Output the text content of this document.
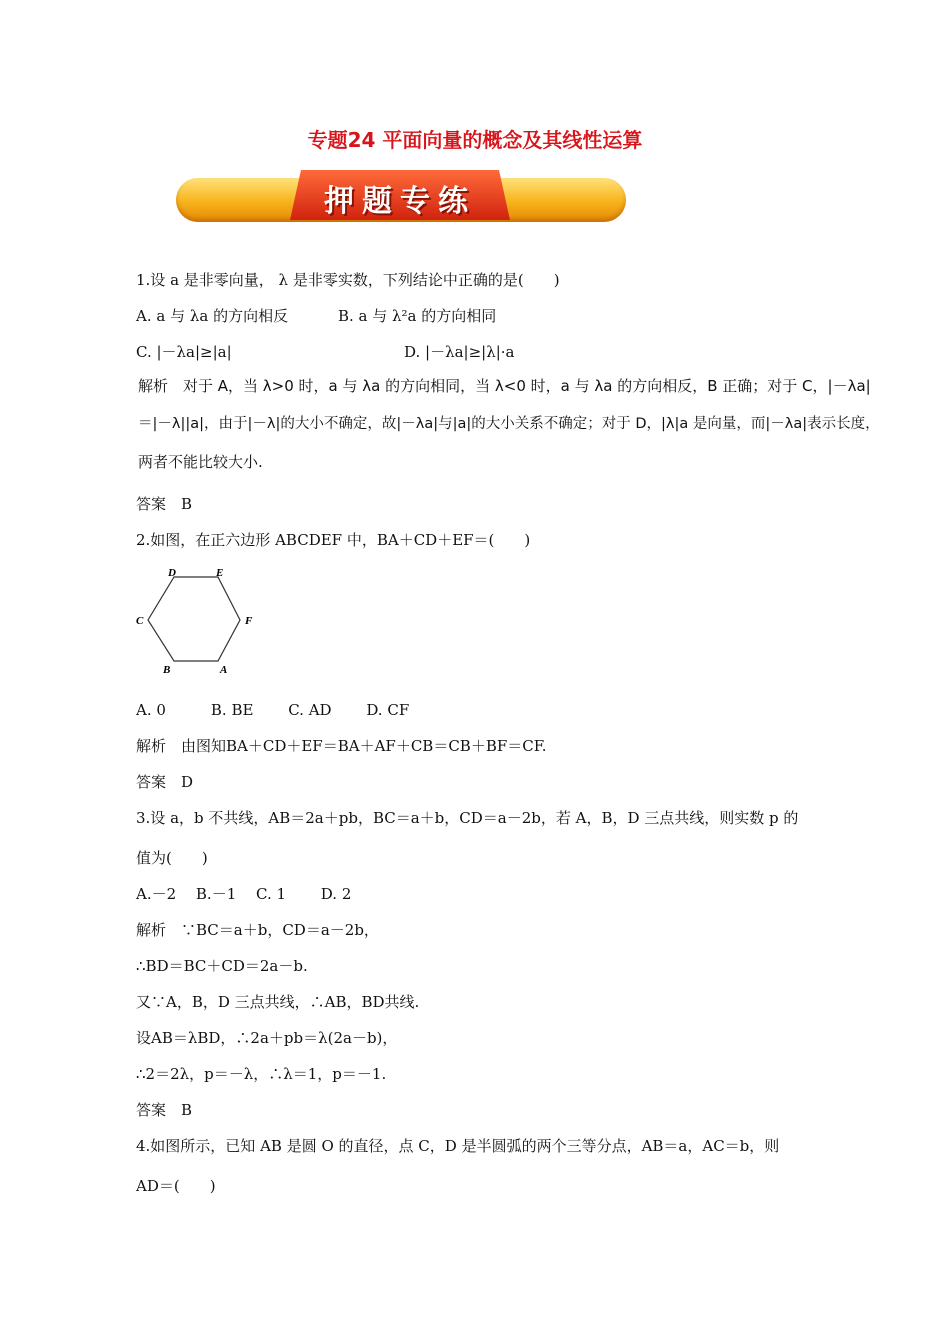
专题24 平面向量的概念及其线性运算
押题专练
1.设 a 是非零向量， λ 是非零实数，下列结论中正确的是(　　)
A. a 与 λa 的方向相反	B. a 与 λ²a 的方向相同
C. |－λa|≥|a|	D. |－λa|≥|λ|·a
解析　对于 A，当 λ>0 时，a 与 λa 的方向相同，当 λ<0 时，a 与 λa 的方向相反，B 正确；对于 C，|－λa|
＝|－λ||a|，由于|－λ|的大小不确定，故|－λa|与|a|的大小关系不确定；对于 D，|λ|a 是向量，而|－λa|表示长度，
两者不能比较大小.
答案　B
2.如图，在正六边形 ABCDEF 中，BA＋CD＋EF＝(　　)
D	E
C	F
B	A
A. 0　　　B. BE　　 C. AD　　 D. CF
解析　由图知BA＋CD＋EF＝BA＋AF＋CB＝CB＋BF＝CF.
答案　D
3.设 a，b 不共线，AB＝2a＋pb，BC＝a＋b，CD＝a－2b，若 A，B，D 三点共线，则实数 p 的
值为(　　)
A.－2　 B.－1　 C. 1　　 D. 2
解析　∵BC＝a＋b，CD＝a－2b，
∴BD＝BC＋CD＝2a－b.
又∵A，B，D 三点共线，∴AB，BD共线.
设AB＝λBD，∴2a＋pb＝λ(2a－b)，
∴2＝2λ，p＝－λ，∴λ＝1，p＝－1.
答案　B
4.如图所示，已知 AB 是圆 O 的直径，点 C，D 是半圆弧的两个三等分点，AB＝a，AC＝b，则
AD＝(　　)
